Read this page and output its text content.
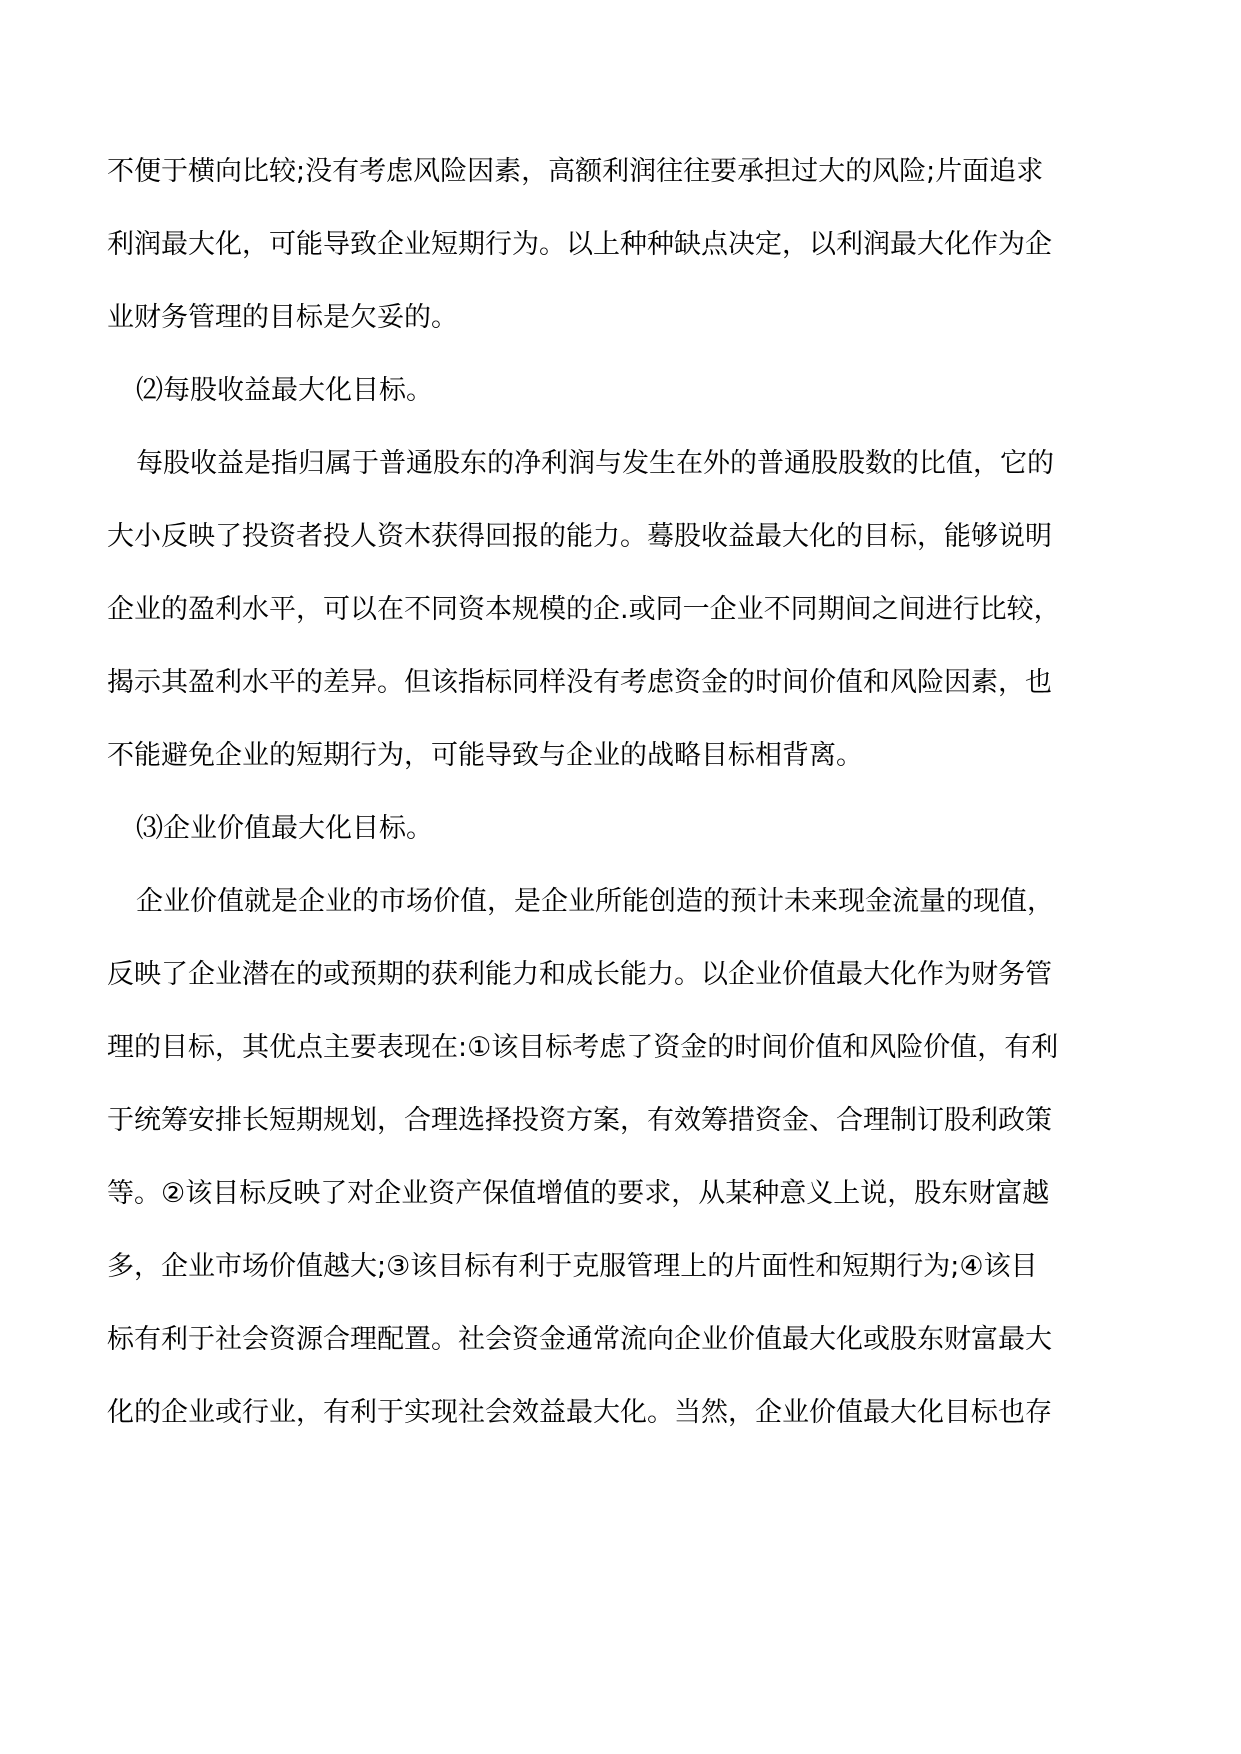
不便于横向比较;没有考虑风险因素，高额利润往往要承担过大的风险;片面追求
利润最大化，可能导致企业短期行为。以上种种缺点决定，以利润最大化作为企
业财务管理的目标是欠妥的。
⑵每股收益最大化目标。
每股收益是指归属于普通股东的净利润与发生在外的普通股股数的比值，它的
大小反映了投资者投人资木获得回报的能力。蓦股收益最大化的目标，能够说明
企业的盈利水平，可以在不同资本规模的企.或同一企业不同期间之间进行比较，
揭示其盈利水平的差异。但该指标同样没有考虑资金的时间价值和风险因素，也
不能避免企业的短期行为，可能导致与企业的战略目标相背离。
⑶企业价值最大化目标。
企业价值就是企业的市场价值，是企业所能创造的预计未来现金流量的现值，
反映了企业潜在的或预期的获利能力和成长能力。以企业价值最大化作为财务管
理的目标，其优点主要表现在:①该目标考虑了资金的时间价值和风险价值，有利
于统筹安排长短期规划，合理选择投资方案，有效筹措资金、合理制订股利政策
等。②该目标反映了对企业资产保值增值的要求，从某种意义上说，股东财富越
多，企业市场价值越大;③该目标有利于克服管理上的片面性和短期行为;④该目
标有利于社会资源合理配置。社会资金通常流向企业价值最大化或股东财富最大
化的企业或行业，有利于实现社会效益最大化。当然，企业价值最大化目标也存
